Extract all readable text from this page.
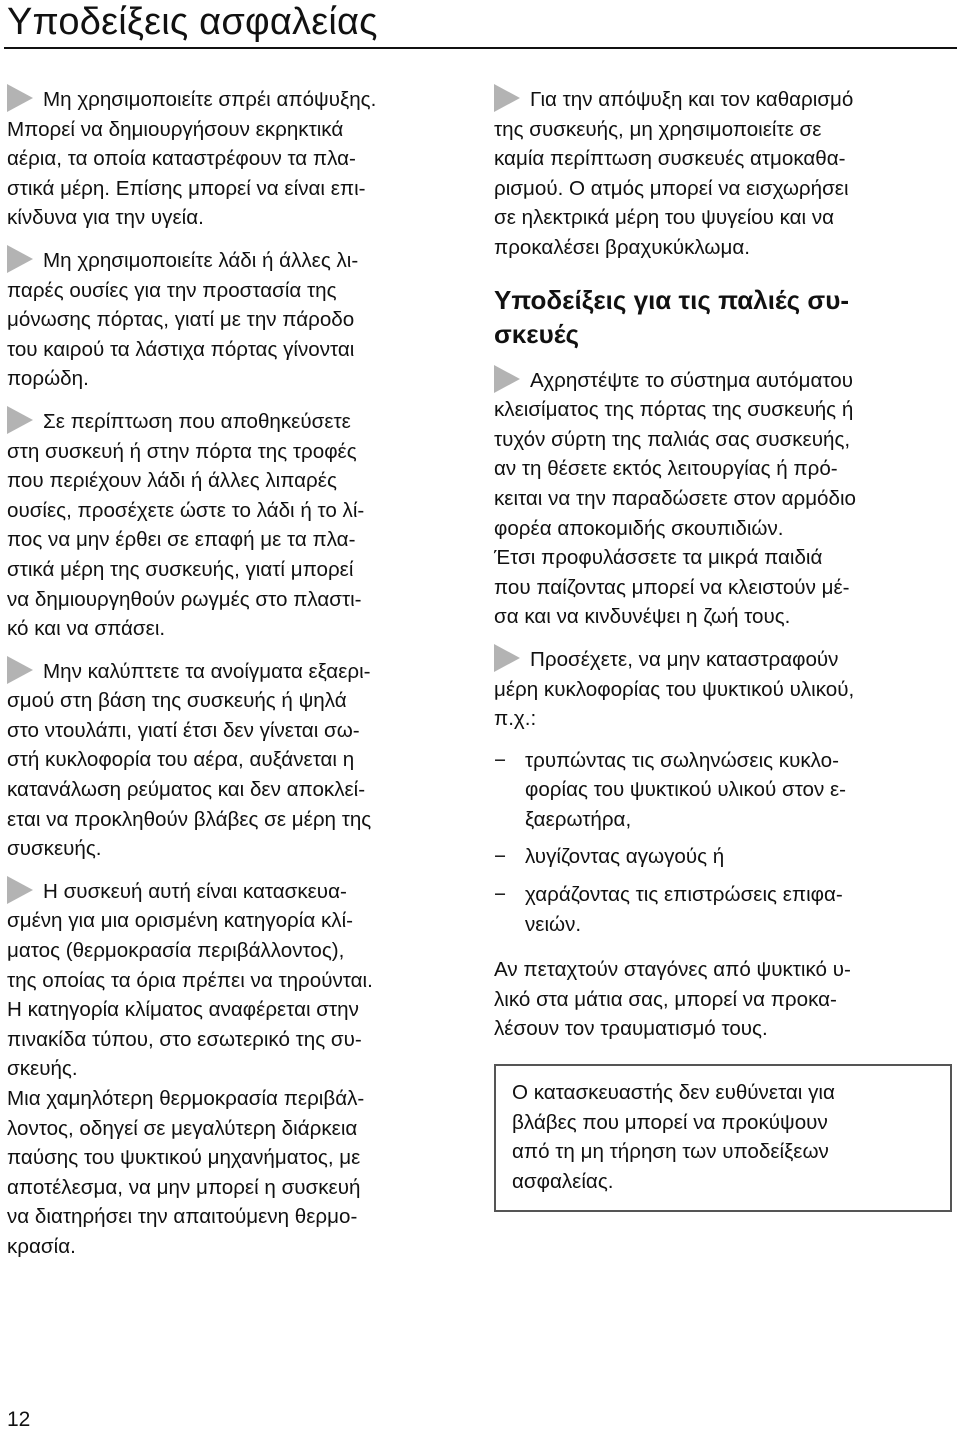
Υποδείξεις ασφαλείας
Μη χρησιμοποιείτε σπρέι απόψυξης.
Μπορεί να δημιουργήσουν εκρηκτικά
αέρια, τα οποία καταστρέφουν τα πλα-
στικά μέρη. Επίσης μπορεί να είναι επι-
κίνδυνα για την υγεία.
Μη χρησιμοποιείτε λάδι ή άλλες λι-
παρές ουσίες για την προστασία της
μόνωσης πόρτας, γιατί με την πάροδο
του καιρού τα λάστιχα πόρτας γίνονται
πορώδη.
Σε περίπτωση που αποθηκεύσετε
στη συσκευή ή στην πόρτα της τροφές
που περιέχουν λάδι ή άλλες λιπαρές
ουσίες, προσέχετε ώστε το λάδι ή το λί-
πος να μην έρθει σε επαφή με τα πλα-
στικά μέρη της συσκευής, γιατί μπορεί
να δημιουργηθούν ρωγμές στο πλαστι-
κό και να σπάσει.
Μην καλύπτετε τα ανοίγματα εξαερι-
σμού στη βάση της συσκευής ή ψηλά
στο ντουλάπι, γιατί έτσι δεν γίνεται σω-
στή κυκλοφορία του αέρα, αυξάνεται η
κατανάλωση ρεύματος και δεν αποκλεί-
εται να προκληθούν βλάβες σε μέρη της
συσκευής.
Η συσκευή αυτή είναι κατασκευα-
σμένη για μια ορισμένη κατηγορία κλί-
ματος (θερμοκρασία περιβάλλοντος),
της οποίας τα όρια πρέπει να τηρούνται.
Η κατηγορία κλίματος αναφέρεται στην
πινακίδα τύπου, στο εσωτερικό της συ-
σκευής.
Μια χαμηλότερη θερμοκρασία περιβάλ-
λοντος, οδηγεί σε μεγαλύτερη διάρκεια
παύσης του ψυκτικού μηχανήματος, με
αποτέλεσμα, να μην μπορεί η συσκευή
να διατηρήσει την απαιτούμενη θερμο-
κρασία.
Για την απόψυξη και τον καθαρισμό
της συσκευής, μη χρησιμοποιείτε σε
καμία περίπτωση συσκευές ατμοκαθα-
ρισμού. Ο ατμός μπορεί να εισχωρήσει
σε ηλεκτρικά μέρη του ψυγείου και να
προκαλέσει βραχυκύκλωμα.
Υποδείξεις για τις παλιές συ-
σκευές
Αχρηστέψτε το σύστημα αυτόματου
κλεισίματος της πόρτας της συσκευής ή
τυχόν σύρτη της παλιάς σας συσκευής,
αν τη θέσετε εκτός λειτουργίας ή πρό-
κειται να την παραδώσετε στον αρμόδιο
φορέα αποκομιδής σκουπιδιών.
Έτσι προφυλάσσετε τα μικρά παιδιά
που παίζοντας μπορεί να κλειστούν μέ-
σα και να κινδυνέψει η ζωή τους.
Προσέχετε, να μην καταστραφούν
μέρη κυκλοφορίας του ψυκτικού υλικού,
π.χ.:
− τρυπώντας τις σωληνώσεις κυκλο-
φορίας του ψυκτικού υλικού στον ε-
ξαερωτήρα,
− λυγίζοντας αγωγούς ή
− χαράζοντας τις επιστρώσεις επιφα-
νειών.
Αν πεταχτούν σταγόνες από ψυκτικό υ-
λικό στα μάτια σας, μπορεί να προκα-
λέσουν τον τραυματισμό τους.
Ο κατασκευαστής δεν ευθύνεται για
βλάβες που μπορεί να προκύψουν
από τη μη τήρηση των υποδείξεων
ασφαλείας.
12
